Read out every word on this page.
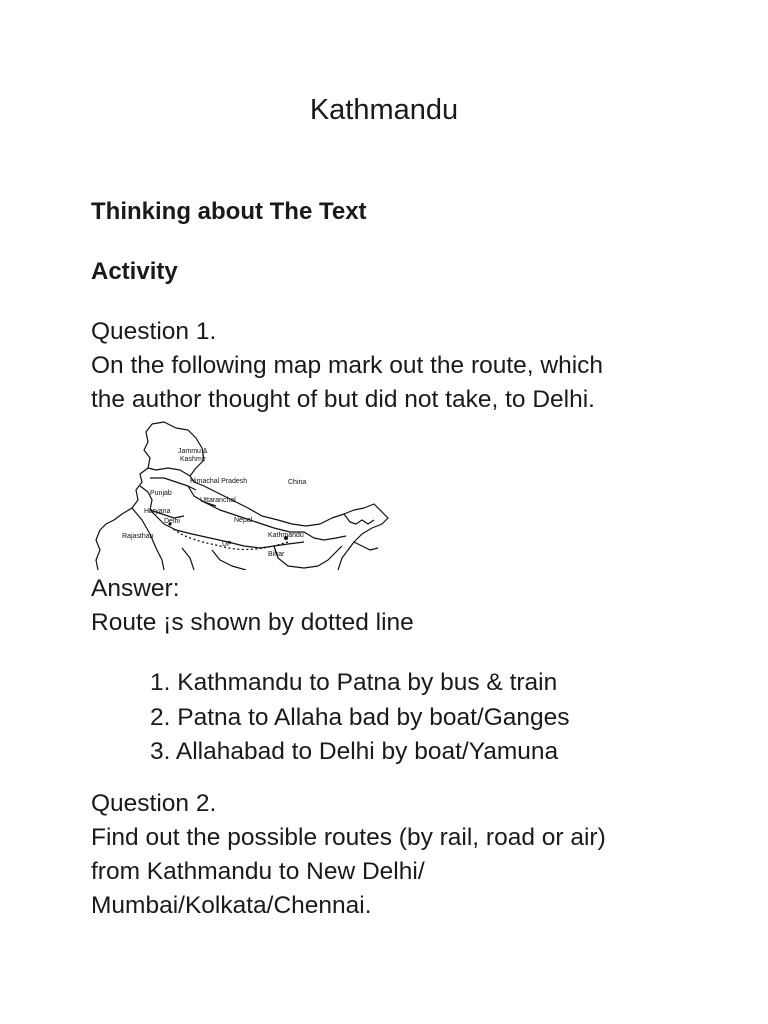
Kathmandu
Thinking about The Text
Activity
Question 1.
On the following map mark out the route, which
the author thought of but did not take, to Delhi.
Jammu &
Kashmir
Himachal Pradesh	China
Punjab
Uttaranchal
Haryana
Delhi	Nepal
Rajasthan	Kathmandu
UP
Bihar
Answer:
Route ¡s shown by dotted line
1. Kathmandu to Patna by bus & train
2. Patna to Allaha bad by boat/Ganges
3. Allahabad to Delhi by boat/Yamuna
Question 2.
Find out the possible routes (by rail, road or air)
from Kathmandu to New Delhi/
Mumbai/Kolkata/Chennai.
